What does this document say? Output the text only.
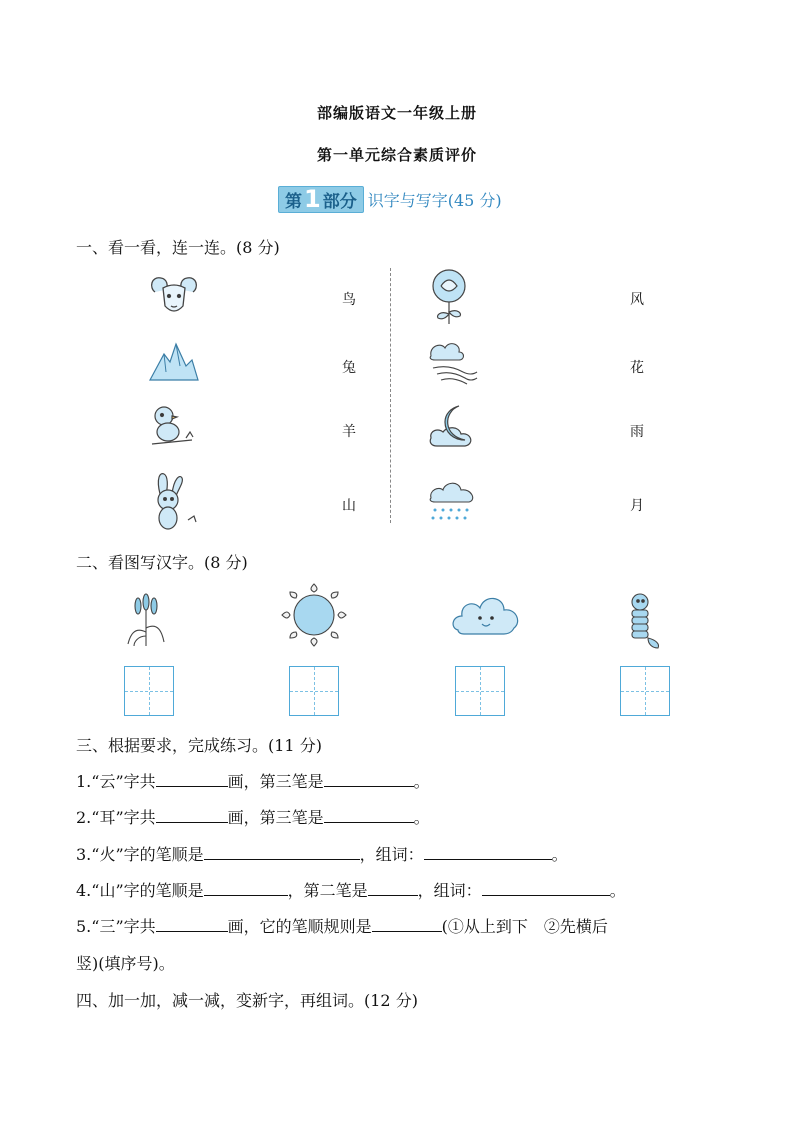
部编版语文一年级上册
第一单元综合素质评价
第1 部分 识字与写字(45 分)
一、看一看，连一连。(8 分)
鸟
兔
羊
山
风
花
雨
月
二、看图写汉字。(8 分)
三、根据要求，完成练习。(11 分)
1.“云”字共	画，第三笔是	。
2.“耳”字共	画，第三笔是	。
3.“火”字的笔顺是	，组词：	。
4.“山”字的笔顺是	，第二笔是	，组词：	。
5.“三”字共	画，它的笔顺规则是	(①从上到下　②先横后
竖)(填序号)。
四、加一加，减一减，变新字，再组词。(12 分)
